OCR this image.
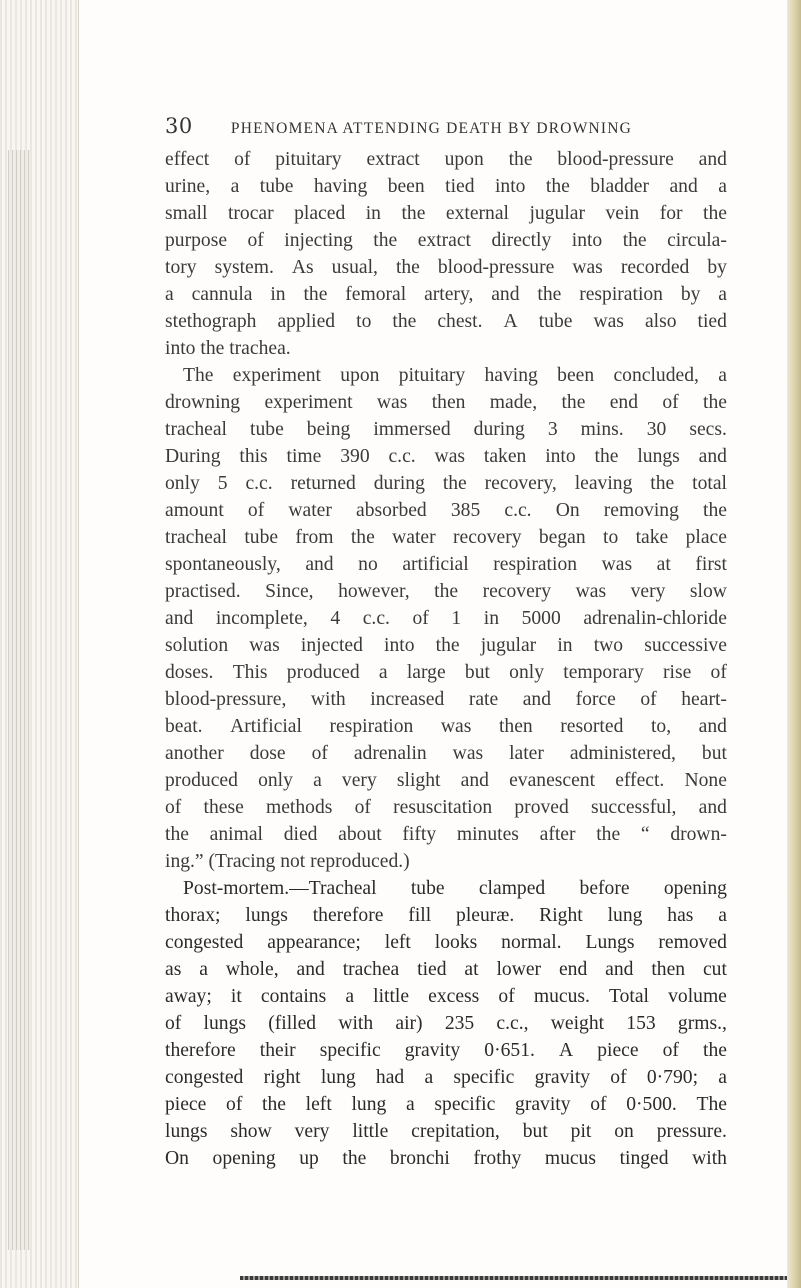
30 PHENOMENA ATTENDING DEATH BY DROWNING
effect of pituitary extract upon the blood-pressure and
urine, a tube having been tied into the bladder and a
small trocar placed in the external jugular vein for the
purpose of injecting the extract directly into the circula-
tory system. As usual, the blood-pressure was recorded by
a cannula in the femoral artery, and the respiration by a
stethograph applied to the chest. A tube was also tied
into the trachea.
The experiment upon pituitary having been concluded, a
drowning experiment was then made, the end of the
tracheal tube being immersed during 3 mins. 30 secs.
During this time 390 c.c. was taken into the lungs and
only 5 c.c. returned during the recovery, leaving the total
amount of water absorbed 385 c.c. On removing the
tracheal tube from the water recovery began to take place
spontaneously, and no artificial respiration was at first
practised. Since, however, the recovery was very slow
and incomplete, 4 c.c. of 1 in 5000 adrenalin-chloride
solution was injected into the jugular in two successive
doses. This produced a large but only temporary rise of
blood-pressure, with increased rate and force of heart-
beat. Artificial respiration was then resorted to, and
another dose of adrenalin was later administered, but
produced only a very slight and evanescent effect. None
of these methods of resuscitation proved successful, and
the animal died about fifty minutes after the “ drown-
ing.” (Tracing not reproduced.)
Post-mortem.—Tracheal tube clamped before opening
thorax; lungs therefore fill pleuræ. Right lung has a
congested appearance; left looks normal. Lungs removed
as a whole, and trachea tied at lower end and then cut
away; it contains a little excess of mucus. Total volume
of lungs (filled with air) 235 c.c., weight 153 grms.,
therefore their specific gravity 0·651. A piece of the
congested right lung had a specific gravity of 0·790; a
piece of the left lung a specific gravity of 0·500. The
lungs show very little crepitation, but pit on pressure.
On opening up the bronchi frothy mucus tinged with
